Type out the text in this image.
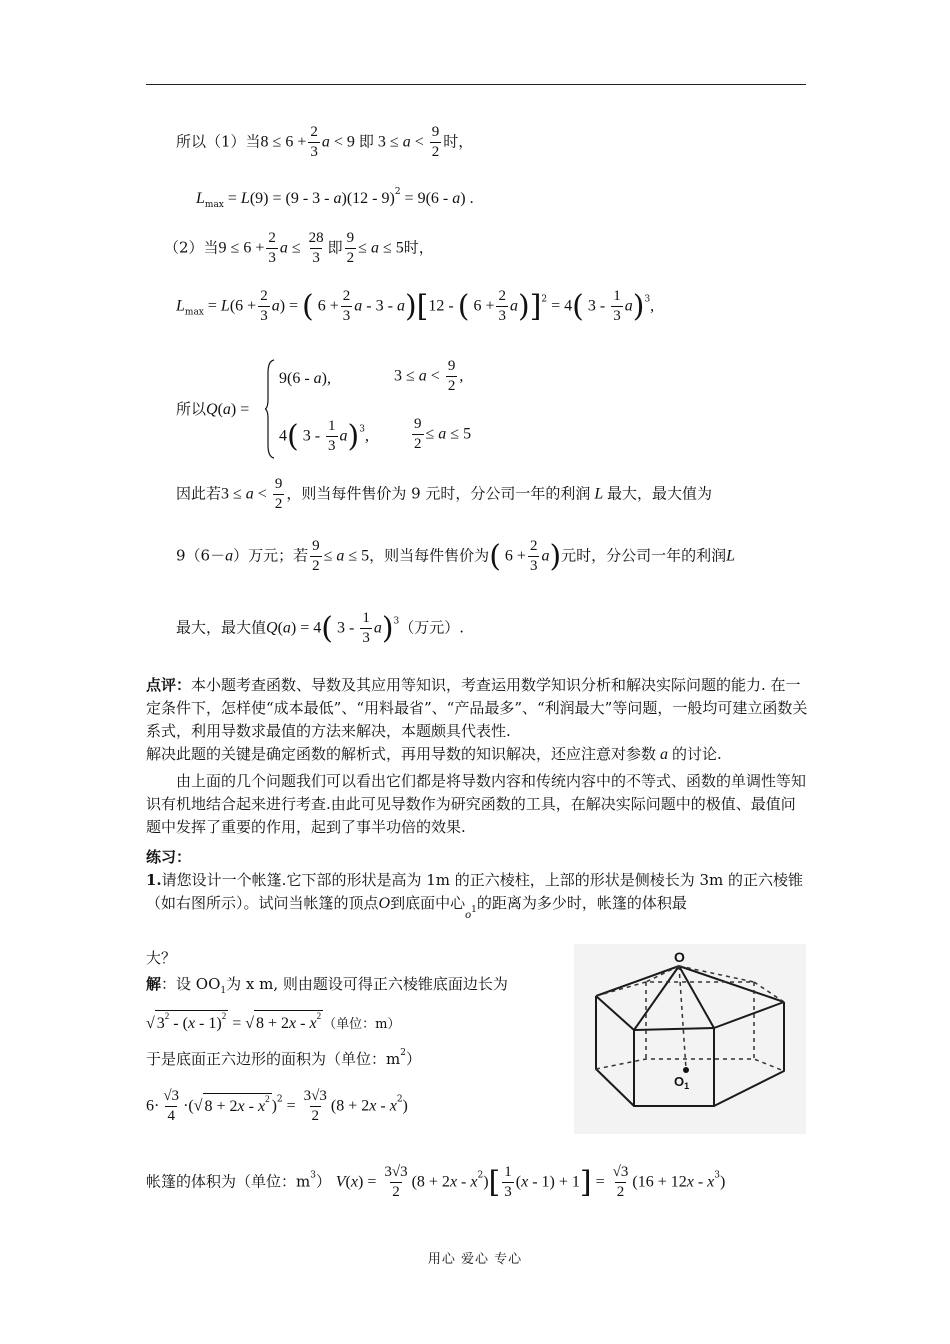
所以（1）当$8 \le 6 + \frac{2}{3}$ a < 9 即 $3 \le a < \frac{9}{2}$ 时，
$L_{max} = L(9) = (9 - 3 - a)(12 - 9)^2 = 9(6 - a)$ .
（2）当$9 \le 6 + \frac{2}{3}$ $a \le \frac{28}{3}$ 即 $\frac{9}{2} \le a \le 5$时，
$L_{max} = L(6 + \frac{2}{3} a)$ = ( $6 + \frac{2}{3}$ a - 3 - a)[12 - ( $6 + \frac{2}{3} a)]^2 = 4$( $3 - \frac{1}{3} a)^3$,
所以Q(a) =
9(6 - a),	$3 \le a < \frac{9}{2}$ ,
4( $3 - \frac{1}{3} a)^3$,	$\frac{9}{2} \le a \le 5$
因此若$3 \le a < \frac{9}{2}$ ，则当每件售价为 9 元时，分公司一年的利润 L 最大，最大值为
9（6－a）万元；若 $\frac{9}{2} \le a \le 5$，则当每件售价为( $6 + \frac{2}{3} a$)元时，分公司一年的利润L
最大，最大值Q(a) = 4( $3 - \frac{1}{3} a)^3$（万元）.
点评：本小题考查函数、导数及其应用等知识，考查运用数学知识分析和解决实际问题的能力. 在一定条件下，怎样使“成本最低”、“用料最省”、“产品最多”、“利润最大”等问题，一般均可建立函数关系式，利用导数求最值的方法来解决，本题颇具代表性.
解决此题的关键是确定函数的解析式，再用导数的知识解决，还应注意对参数 a 的讨论.
由上面的几个问题我们可以看出它们都是将导数内容和传统内容中的不等式、函数的单调性等知识有机地结合起来进行考查.由此可见导数作为研究函数的工具，在解决实际问题中的极值、最值问题中发挥了重要的作用，起到了事半功倍的效果.
练习：
1.请您设计一个帐篷.它下部的形状是高为 1m 的正六棱柱，上部的形状是侧棱长为 3m 的正六棱锥（如右图所示）。试问当帐篷的顶点O到底面中心$_{o1}$的距离为多少时，帐篷的体积最
大？
解：设 $OO_1$为 x m, 则由题设可得正六棱锥底面边长为
√ $3^2 - (x - 1)^2$ = √ $8 + 2x - x^2$（单位：m）
于是底面正六边形的面积为（单位：$m^2$）
$6\cdot \frac{√3}{4}$ ·(√ $8 + 2x - x^2$ )$^2 = \frac{3√3}{2} (8 + 2x - x^2)$
帐篷的体积为（单位：$m^3$） $V(x) = \frac{3√3}{2} (8 + 2x - x^2)[ \frac{1}{3} (x - 1) + 1] = \frac{√3}{2} (16 + 12x - x^3)$
O
$O_1$
用心 爱心 专心
